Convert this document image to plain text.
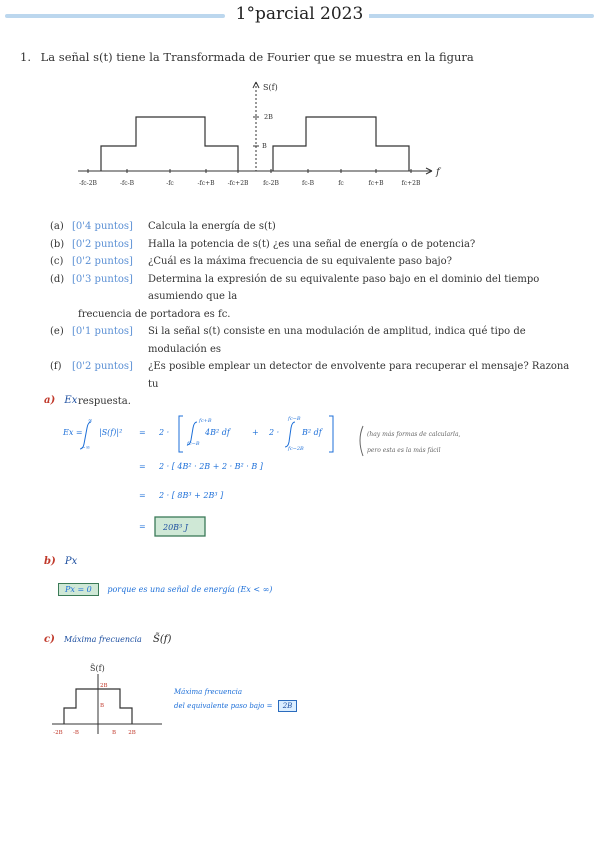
1°parcial 2023
1. La señal s(t) tiene la Transformada de Fourier que se muestra en la figura
S(f)
f
2B
B
-fc-2B	-fc-B	-fc	-fc+B -fc+2B fc-2B	fc-B	fc	fc+B	fc+2B
(a) [0'4 puntos]	Calcula la energía de s(t)
(b) [0'2 puntos]	Halla la potencia de s(t) ¿es una señal de energía o de potencia?
(c) [0'2 puntos]	¿Cuál es la máxima frecuencia de su equivalente paso bajo?
(d) [0'3 puntos]	Determina la expresión de su equivalente paso bajo en el dominio del tiempo asumiendo que la
frecuencia de portadora es fc.
(e) [0'1 puntos]	Si la señal s(t) consiste en una modulación de amplitud, indica qué tipo de modulación es
(f)	[0'2 puntos]	¿Es posible emplear un detector de envolvente para recuperar el mensaje? Razona tu
respuesta.
a) Ex
Ex =
∞
−∞
|S(f)|² = 2 ·
fc+B
fc−B
4B² df	+ 2 ·
fc−B
fc−2B
B² df
= 2 · [ 4B² · 2B + 2 · B² · B ]
= 2 · [ 8B³ + 2B³ ]
= 20B³ J
(hay más formas de calcularla,
pero esta es la más fácil
b) Px
Px = 0 porque es una señal de energía (Ex < ∞)
c) Máxima frecuencia S̃(f)
S̃(f)
2B
B
-2B -B	B 2B
Máxima frecuencia
del equivalente paso bajo = 2B
